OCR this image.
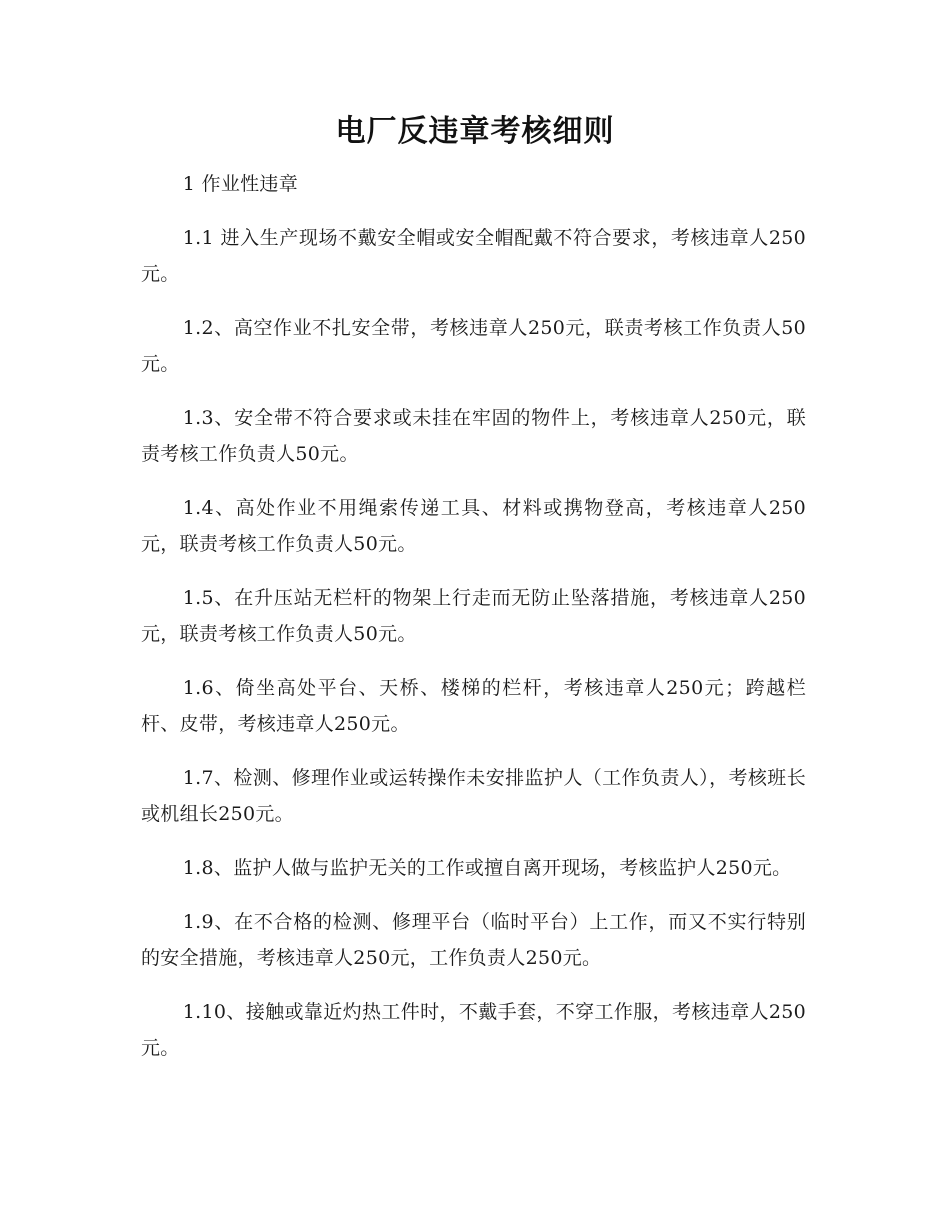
电厂反违章考核细则

1 作业性违章

1.1 进入生产现场不戴安全帽或安全帽配戴不符合要求，考核违章人250元。

1.2、高空作业不扎安全带，考核违章人250元，联责考核工作负责人50元。

1.3、安全带不符合要求或未挂在牢固的物件上，考核违章人250元，联责考核工作负责人50元。

1.4、高处作业不用绳索传递工具、材料或携物登高，考核违章人250元，联责考核工作负责人50元。

1.5、在升压站无栏杆的物架上行走而无防止坠落措施，考核违章人250元，联责考核工作负责人50元。

1.6、倚坐高处平台、天桥、楼梯的栏杆，考核违章人250元；跨越栏杆、皮带，考核违章人250元。

1.7、检测、修理作业或运转操作未安排监护人（工作负责人），考核班长或机组长250元。

1.8、监护人做与监护无关的工作或擅自离开现场，考核监护人250元。

1.9、在不合格的检测、修理平台（临时平台）上工作，而又不实行特别的安全措施，考核违章人250元，工作负责人250元。

1.10、接触或靠近灼热工件时，不戴手套，不穿工作服，考核违章人250元。
